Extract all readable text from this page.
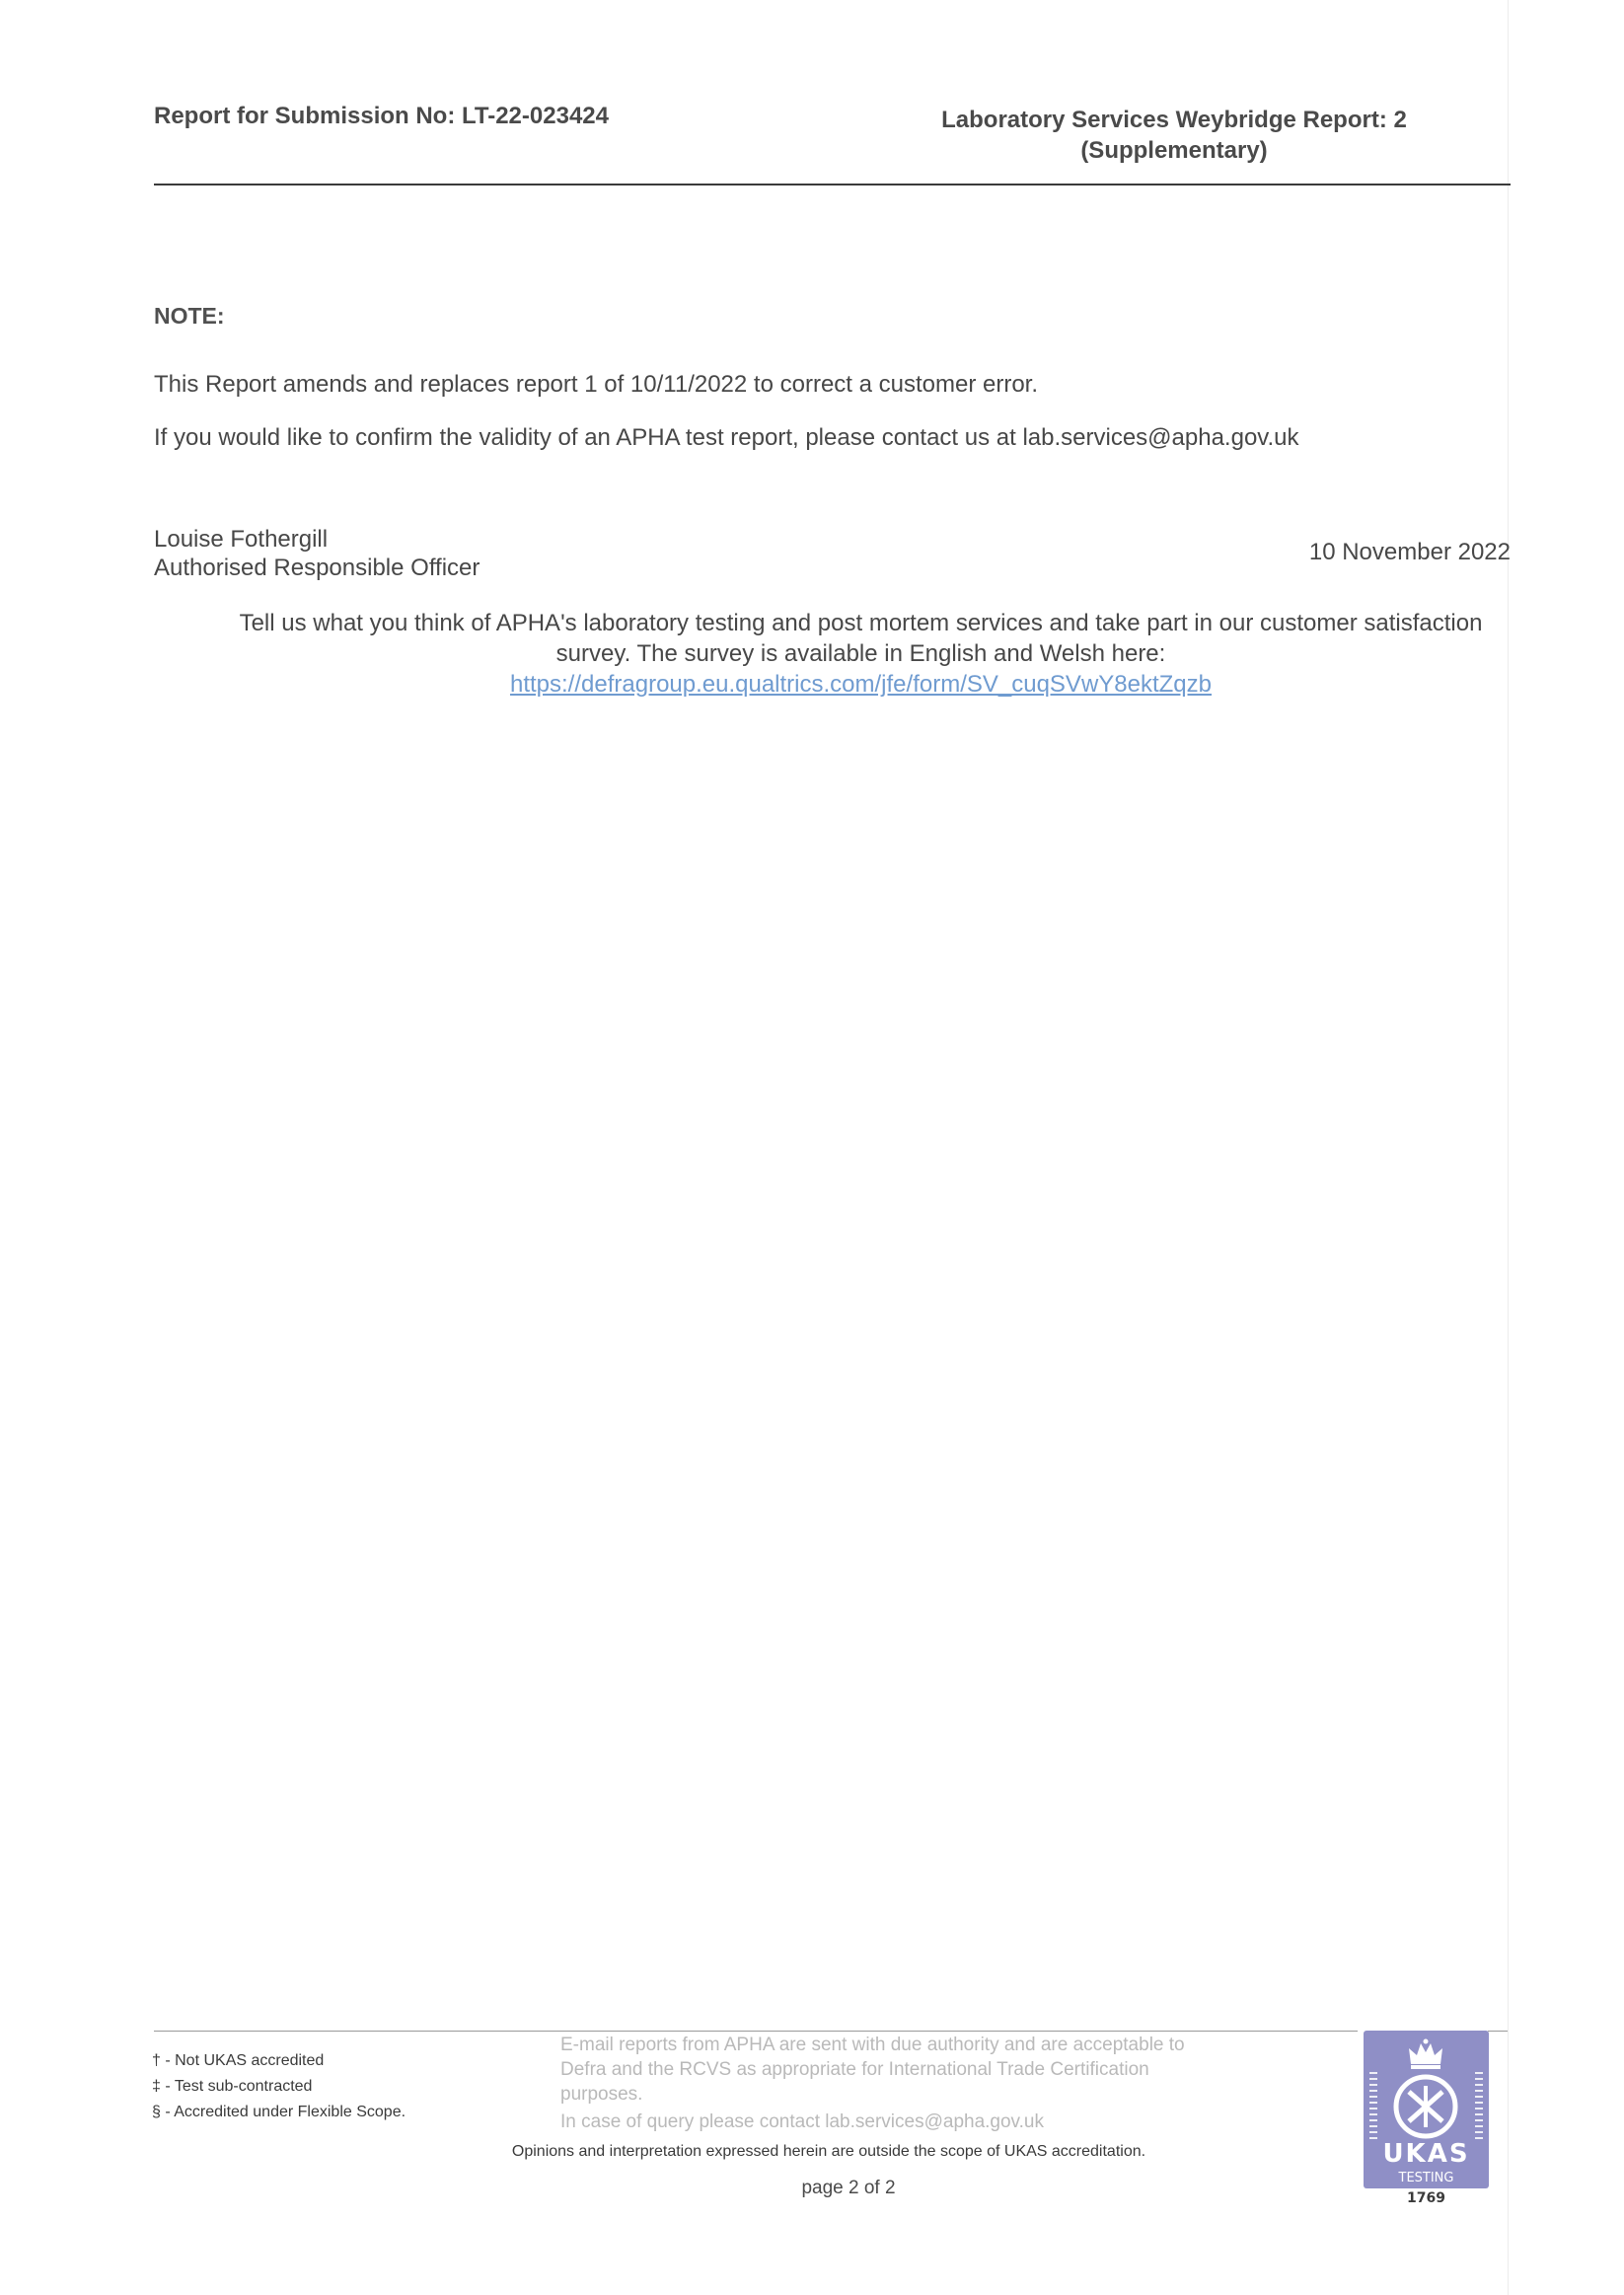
Report for Submission No: LT-22-023424	Laboratory Services Weybridge Report: 2
(Supplementary)
NOTE:
This Report amends and replaces report 1 of 10/11/2022 to correct a customer error.
If you would like to confirm the validity of an APHA test report, please contact us at lab.services@apha.gov.uk
Louise Fothergill
Authorised Responsible Officer
10 November 2022
Tell us what you think of APHA's laboratory testing and post mortem services and take part in our customer satisfaction
survey. The survey is available in English and Welsh here:
https://defragroup.eu.qualtrics.com/jfe/form/SV_cuqSVwY8ektZqzb
† - Not UKAS accredited
‡ - Test sub-contracted
§ - Accredited under Flexible Scope.
E-mail reports from APHA are sent with due authority and are acceptable to
Defra and the RCVS as appropriate for International Trade Certification
purposes.
In case of query please contact lab.services@apha.gov.uk
Opinions and interpretation expressed herein are outside the scope of UKAS accreditation.
page 2 of 2
UKAS
TESTING
1769
